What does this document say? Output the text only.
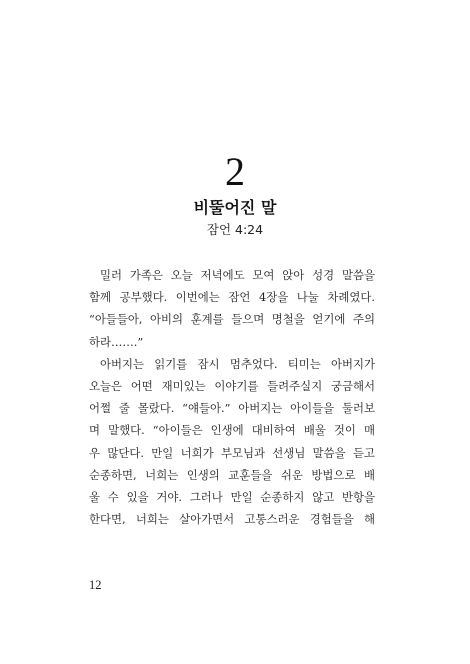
2
비뚤어진 말
잠언 4:24
밀러 가족은 오늘 저녁에도 모여 앉아 성경 말씀을
함께 공부했다. 이번에는 잠언 4장을 나눌 차례였다.
“아들들아, 아비의 훈계를 들으며 명철을 얻기에 주의
하라…….”
아버지는 읽기를 잠시 멈추었다. 티미는 아버지가
오늘은 어떤 재미있는 이야기를 들려주실지 궁금해서
어쩔 줄 몰랐다. “얘들아.” 아버지는 아이들을 둘러보
며 말했다. “아이들은 인생에 대비하여 배울 것이 매
우 많단다. 만일 너희가 부모님과 선생님 말씀을 듣고
순종하면, 너희는 인생의 교훈들을 쉬운 방법으로 배
울 수 있을 거야. 그러나 만일 순종하지 않고 반항을
한다면, 너희는 살아가면서 고통스러운 경험들을 해
12
